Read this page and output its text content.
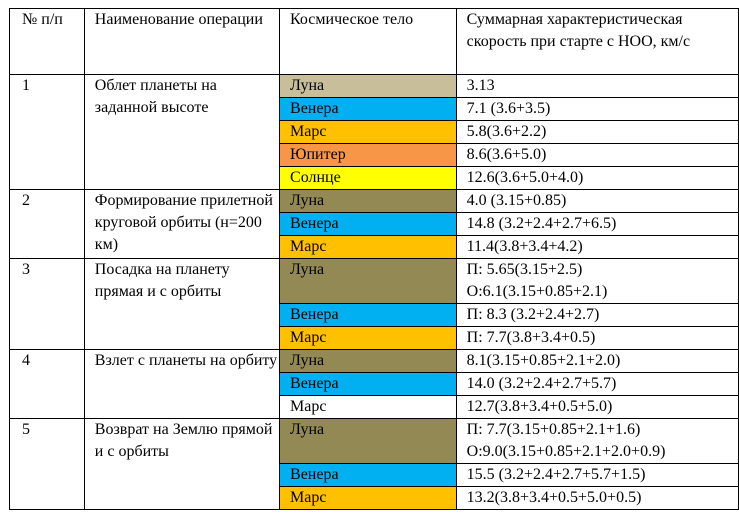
№ п/п	Наименование операции	Космическое тело	Суммарная характеристическая скорость при старте с НОО, км/с
1	Облет планеты на заданной высоте	Луна	3.13

		Венера	7.1 (3.6+3.5)

		Марс	5.8(3.6+2.2)

		Юпитер	8.6(3.6+5.0)

		Солнце	12.6(3.6+5.0+4.0)

2	Формирование прилетной круговой орбиты (н=200 км)	Луна	4.0 (3.15+0.85)

		Венера	14.8 (3.2+2.4+2.7+6.5)

		Марс	11.4(3.8+3.4+4.2)

3	Посадка на планету прямая и с орбиты	Луна	П: 5.65(3.15+2.5)
О:6.1(3.15+0.85+2.1)

		Венера	П: 8.3 (3.2+2.4+2.7)

		Марс	П: 7.7(3.8+3.4+0.5)

4	Взлет с планеты на орбиту	Луна	8.1(3.15+0.85+2.1+2.0)

		Венера	14.0 (3.2+2.4+2.7+5.7)

		Марс	12.7(3.8+3.4+0.5+5.0)

5	Возврат на Землю прямой и с орбиты	Луна	П: 7.7(3.15+0.85+2.1+1.6)
О:9.0(3.15+0.85+2.1+2.0+0.9)

		Венера	15.5 (3.2+2.4+2.7+5.7+1.5)

		Марс	13.2(3.8+3.4+0.5+5.0+0.5)
